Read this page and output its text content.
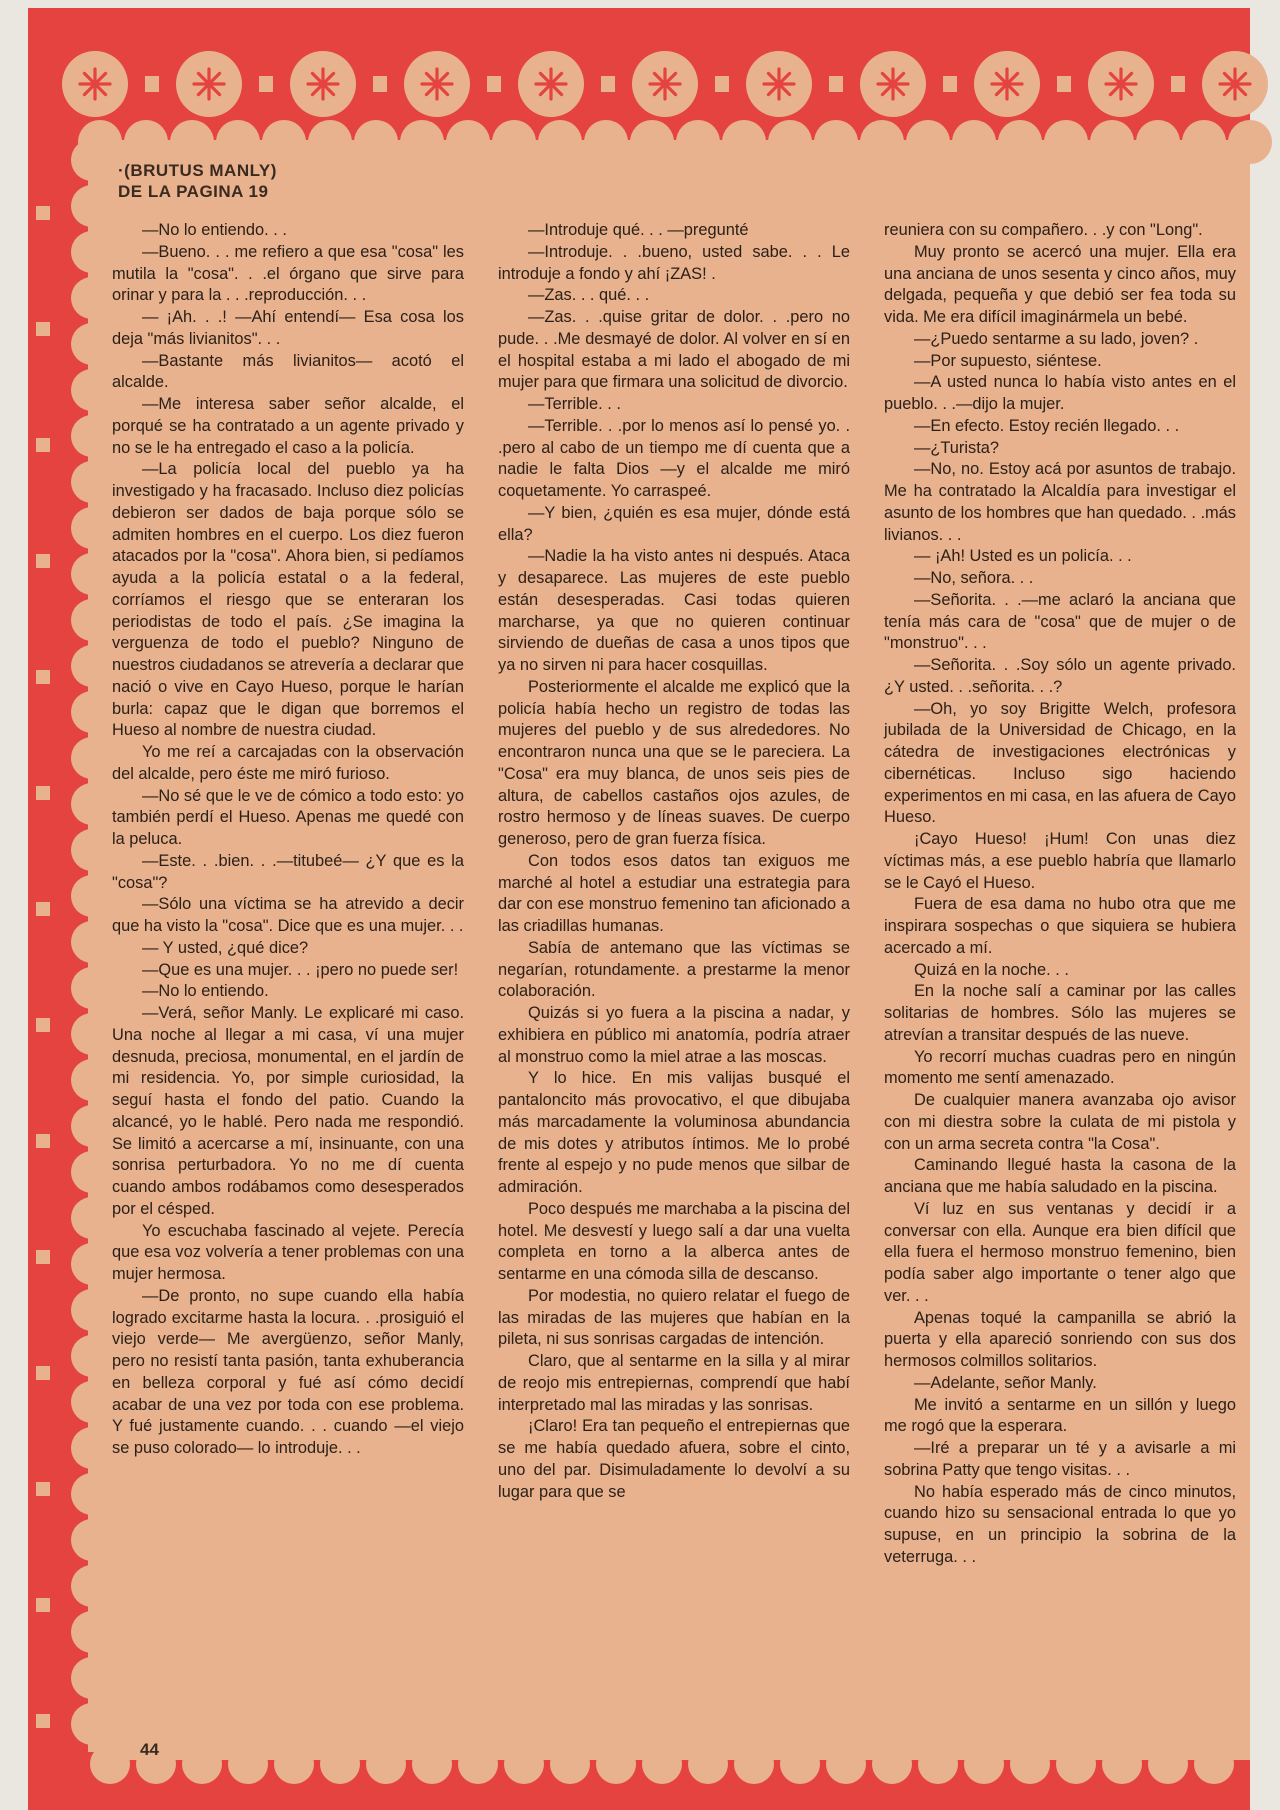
·(BRUTUS MANLY)
DE LA PAGINA 19

—No lo entiendo. . .

—Bueno. . . me refiero a que esa "cosa" les mutila la "cosa". . .el órgano que sirve para orinar y para la . . .reproducción. . .

— ¡Ah. . .! —Ahí entendí— Esa cosa los deja "más livianitos". . .

—Bastante más livianitos— acotó el alcalde.

—Me interesa saber señor alcalde, el porqué se ha contratado a un agente privado y no se le ha entregado el caso a la policía.

—La policía local del pueblo ya ha investigado y ha fracasado. Incluso diez policías debieron ser dados de baja porque sólo se admiten hombres en el cuerpo. Los diez fueron atacados por la "cosa". Ahora bien, si pedíamos ayuda a la policía estatal o a la federal, corríamos el riesgo que se enteraran los periodistas de todo el país. ¿Se imagina la verguenza de todo el pueblo? Ninguno de nuestros ciudadanos se atrevería a declarar que nació o vive en Cayo Hueso, porque le harían burla: capaz que le digan que borremos el Hueso al nombre de nuestra ciudad.

Yo me reí a carcajadas con la observación del alcalde, pero éste me miró furioso.

—No sé que le ve de cómico a todo esto: yo también perdí el Hueso. Apenas me quedé con la peluca.

—Este. . .bien. . .—titubeé— ¿Y que es la "cosa"?

—Sólo una víctima se ha atrevido a decir que ha visto la "cosa". Dice que es una mujer. . .

— Y usted, ¿qué dice?

—Que es una mujer. . . ¡pero no puede ser!

—No lo entiendo.

—Verá, señor Manly. Le explicaré mi caso. Una noche al llegar a mi casa, ví una mujer desnuda, preciosa, monumental, en el jardín de mi residencia. Yo, por simple curiosidad, la seguí hasta el fondo del patio. Cuando la alcancé, yo le hablé. Pero nada me respondió. Se limitó a acercarse a mí, insinuante, con una sonrisa perturbadora. Yo no me dí cuenta cuando ambos rodábamos como desesperados por el césped.

Yo escuchaba fascinado al vejete. Perecía que esa voz volvería a tener problemas con una mujer hermosa.

—De pronto, no supe cuando ella había logrado excitarme hasta la locura. . .prosiguió el viejo verde— Me avergüenzo, señor Manly, pero no resistí tanta pasión, tanta exhuberancia en belleza corporal y fué así cómo decidí acabar de una vez por toda con ese problema. Y fué justamente cuando. . . cuando —el viejo se puso colorado— lo introduje. . .

—Introduje qué. . . —pregunté

—Introduje. . .bueno, usted sabe. . . Le introduje a fondo y ahí ¡ZAS! .

—Zas. . . qué. . .

—Zas. . .quise gritar de dolor. . .pero no pude. . .Me desmayé de dolor. Al volver en sí en el hospital estaba a mi lado el abogado de mi mujer para que firmara una solicitud de divorcio.

—Terrible. . .

—Terrible. . .por lo menos así lo pensé yo. . .pero al cabo de un tiempo me dí cuenta que a nadie le falta Dios —y el alcalde me miró coquetamente. Yo carraspeé.

—Y bien, ¿quién es esa mujer, dónde está ella?

—Nadie la ha visto antes ni después. Ataca y desaparece. Las mujeres de este pueblo están desesperadas. Casi todas quieren marcharse, ya que no quieren continuar sirviendo de dueñas de casa a unos tipos que ya no sirven ni para hacer cosquillas.

Posteriormente el alcalde me explicó que la policía había hecho un registro de todas las mujeres del pueblo y de sus alrededores. No encontraron nunca una que se le pareciera. La "Cosa" era muy blanca, de unos seis pies de altura, de cabellos castaños ojos azules, de rostro hermoso y de líneas suaves. De cuerpo generoso, pero de gran fuerza física.

Con todos esos datos tan exiguos me marché al hotel a estudiar una estrategia para dar con ese monstruo femenino tan aficionado a las criadillas humanas.

Sabía de antemano que las víctimas se negarían, rotundamente. a prestarme la menor colaboración.

Quizás si yo fuera a la piscina a nadar, y exhibiera en público mi anatomía, podría atraer al monstruo como la miel atrae a las moscas.

Y lo hice. En mis valijas busqué el pantaloncito más provocativo, el que dibujaba más marcadamente la voluminosa abundancia de mis dotes y atributos íntimos. Me lo probé frente al espejo y no pude menos que silbar de admiración.

Poco después me marchaba a la piscina del hotel. Me desvestí y luego salí a dar una vuelta completa en torno a la alberca antes de sentarme en una cómoda silla de descanso.

Por modestia, no quiero relatar el fuego de las miradas de las mujeres que habían en la pileta, ni sus sonrisas cargadas de intención.

Claro, que al sentarme en la silla y al mirar de reojo mis entrepiernas, comprendí que habí interpretado mal las miradas y las sonrisas.

¡Claro! Era tan pequeño el entrepiernas que se me había quedado afuera, sobre el cinto, uno del par. Disimuladamente lo devolví a su lugar para que se

reuniera con su compañero. . .y con "Long".

Muy pronto se acercó una mujer. Ella era una anciana de unos sesenta y cinco años, muy delgada, pequeña y que debió ser fea toda su vida. Me era difícil imaginármela un bebé.

—¿Puedo sentarme a su lado, joven? .

—Por supuesto, siéntese.

—A usted nunca lo había visto antes en el pueblo. . .—dijo la mujer.

—En efecto. Estoy recién llegado. . .

—¿Turista?

—No, no. Estoy acá por asuntos de trabajo. Me ha contratado la Alcaldía para investigar el asunto de los hombres que han quedado. . .más livianos. . .

— ¡Ah! Usted es un policía. . .

—No, señora. . .

—Señorita. . .—me aclaró la anciana que tenía más cara de "cosa" que de mujer o de "monstruo". . .

—Señorita. . .Soy sólo un agente privado. ¿Y usted. . .señorita. . .?

—Oh, yo soy Brigitte Welch, profesora jubilada de la Universidad de Chicago, en la cátedra de investigaciones electrónicas y cibernéticas. Incluso sigo haciendo experimentos en mi casa, en las afuera de Cayo Hueso.

¡Cayo Hueso! ¡Hum! Con unas diez víctimas más, a ese pueblo habría que llamarlo se le Cayó el Hueso.

Fuera de esa dama no hubo otra que me inspirara sospechas o que siquiera se hubiera acercado a mí.

Quizá en la noche. . .

En la noche salí a caminar por las calles solitarias de hombres. Sólo las mujeres se atrevían a transitar después de las nueve.

Yo recorrí muchas cuadras pero en ningún momento me sentí amenazado.

De cualquier manera avanzaba ojo avisor con mi diestra sobre la culata de mi pistola y con un arma secreta contra "la Cosa".

Caminando llegué hasta la casona de la anciana que me había saludado en la piscina.

Ví luz en sus ventanas y decidí ir a conversar con ella. Aunque era bien difícil que ella fuera el hermoso monstruo femenino, bien podía saber algo importante o tener algo que ver. . .

Apenas toqué la campanilla se abrió la puerta y ella apareció sonriendo con sus dos hermosos colmillos solitarios.

—Adelante, señor Manly.

Me invitó a sentarme en un sillón y luego me rogó que la esperara.

—Iré a preparar un té y a avisarle a mi sobrina Patty que tengo visitas. . .

No había esperado más de cinco minutos, cuando hizo su sensacional entrada lo que yo supuse, en un principio la sobrina de la veterruga. . .

44
